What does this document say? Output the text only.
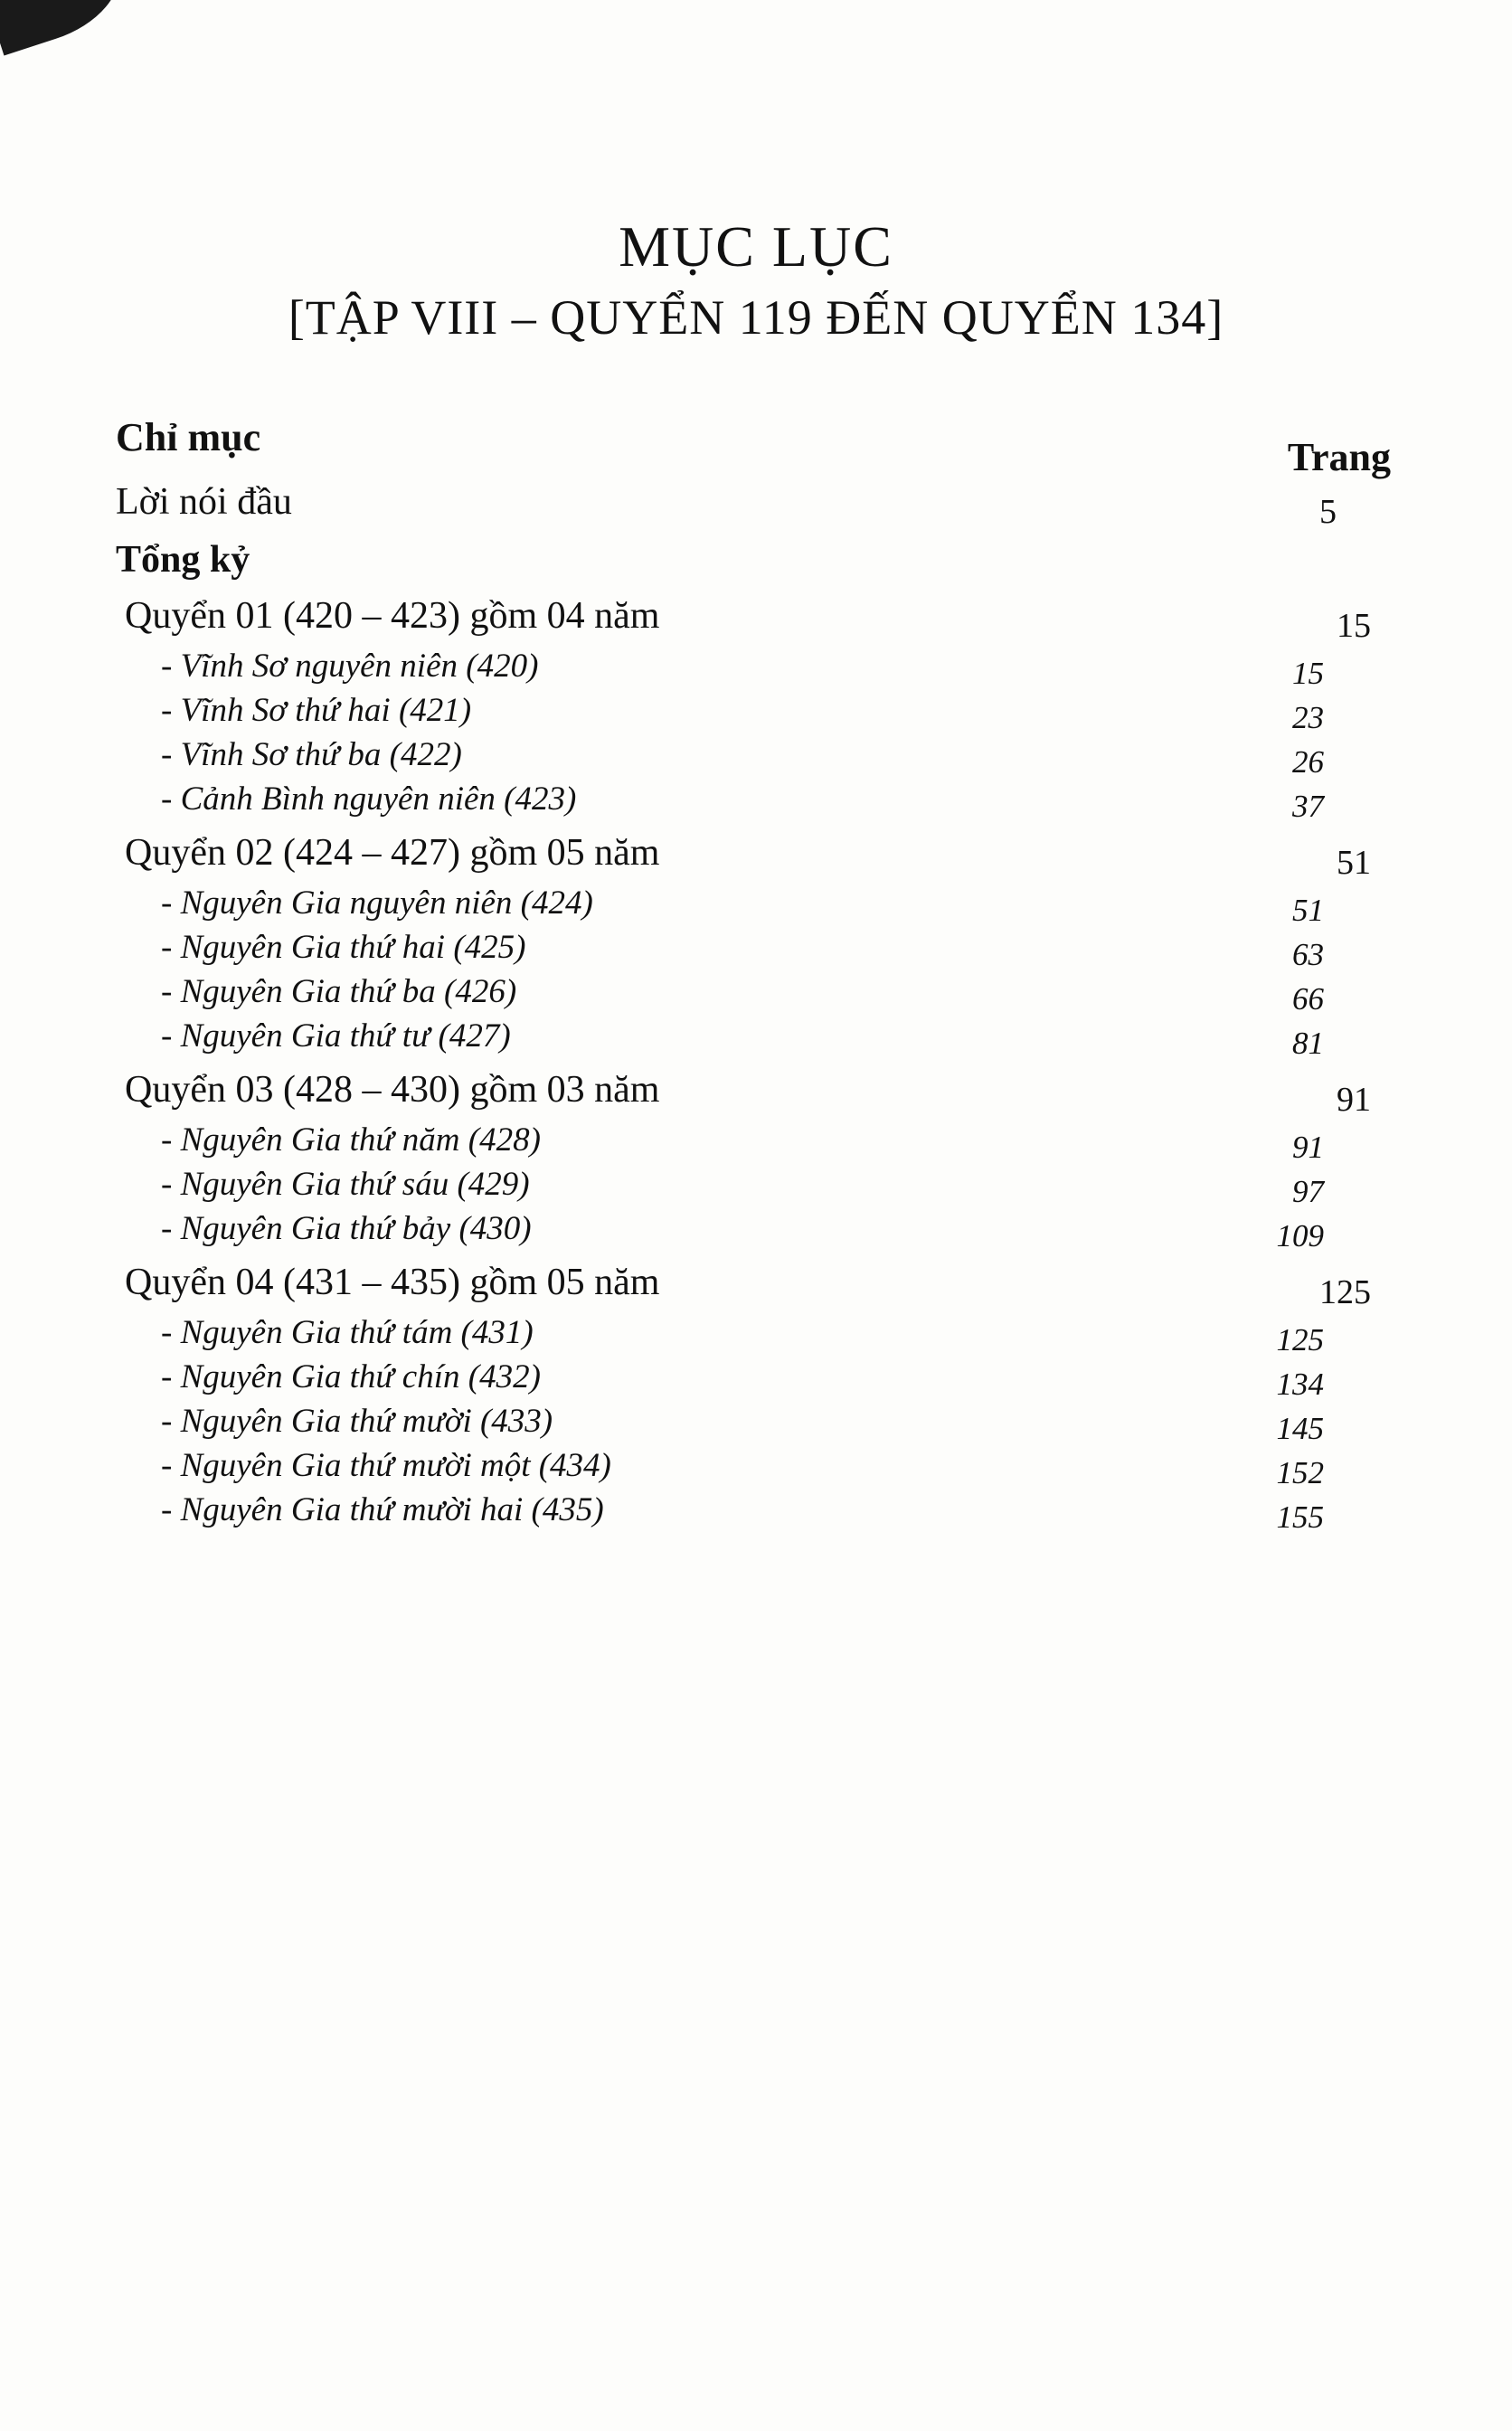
MỤC LỤC
[TẬP VIII – QUYỂN 119 ĐẾN QUYỂN 134]
Chỉ mục	Trang
Lời nói đầu	5
Tổng kỷ
Quyển 01 (420 – 423) gồm 04 năm	15
- Vĩnh Sơ nguyên niên (420)	15
- Vĩnh Sơ thứ hai (421)	23
- Vĩnh Sơ thứ ba (422)	26
- Cảnh Bình nguyên niên (423)	37
Quyển 02 (424 – 427) gồm 05 năm	51
- Nguyên Gia nguyên niên (424)	51
- Nguyên Gia thứ hai (425)	63
- Nguyên Gia thứ ba (426)	66
- Nguyên Gia thứ tư (427)	81
Quyển 03 (428 – 430) gồm 03 năm	91
- Nguyên Gia thứ năm (428)	91
- Nguyên Gia thứ sáu (429)	97
- Nguyên Gia thứ bảy (430)	109
Quyển 04 (431 – 435) gồm 05 năm	125
- Nguyên Gia thứ tám (431)	125
- Nguyên Gia thứ chín (432)	134
- Nguyên Gia thứ mười (433)	145
- Nguyên Gia thứ mười một (434)	152
- Nguyên Gia thứ mười hai (435)	155
